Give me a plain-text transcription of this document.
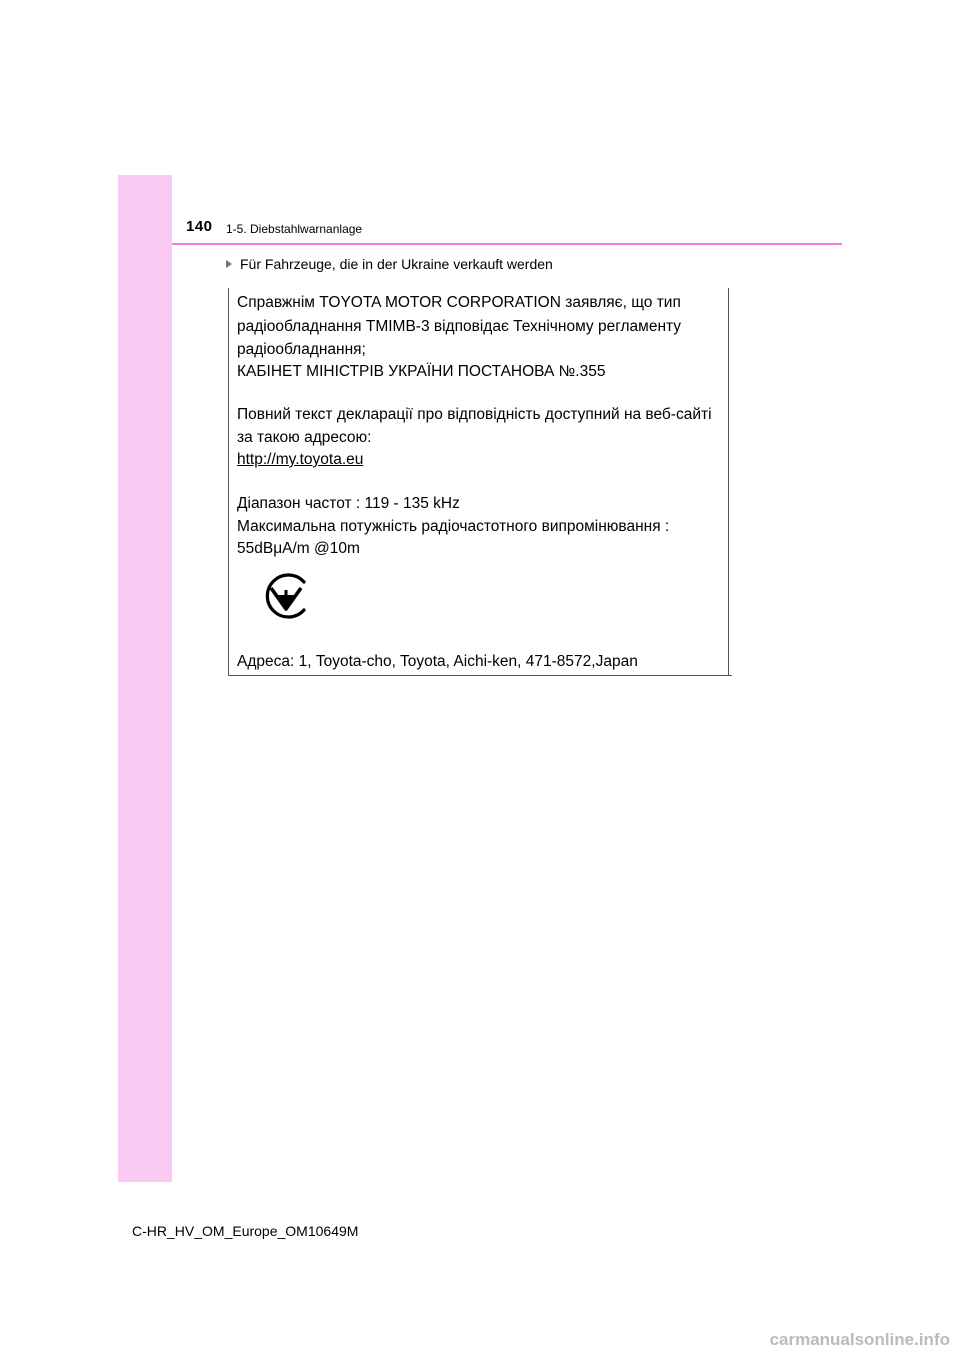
140 1-5. Diebstahlwarnanlage
Für Fahrzeuge, die in der Ukraine verkauft werden
Справжнім TOYOTA MOTOR CORPORATION заявляє, що тип
радіообладнання TMIMB-3 відповідає Технічному регламенту
радіообладнання;
КАБІНЕТ МІНІСТРІВ УКРАЇНИ ПОСТАНОВА №.355
Повний текст декларації про відповідність доступний на веб-сайті
за такою адресою:
http://my.toyota.eu
Діапазон частот : 119 - 135 kHz
Максимальна потужність радіочастотного випромінювання :
55dBμA/m @10m
Адреса: 1, Toyota-cho, Toyota, Aichi-ken, 471-8572,Japan
C-HR_HV_OM_Europe_OM10649M
carmanualsonline.info
